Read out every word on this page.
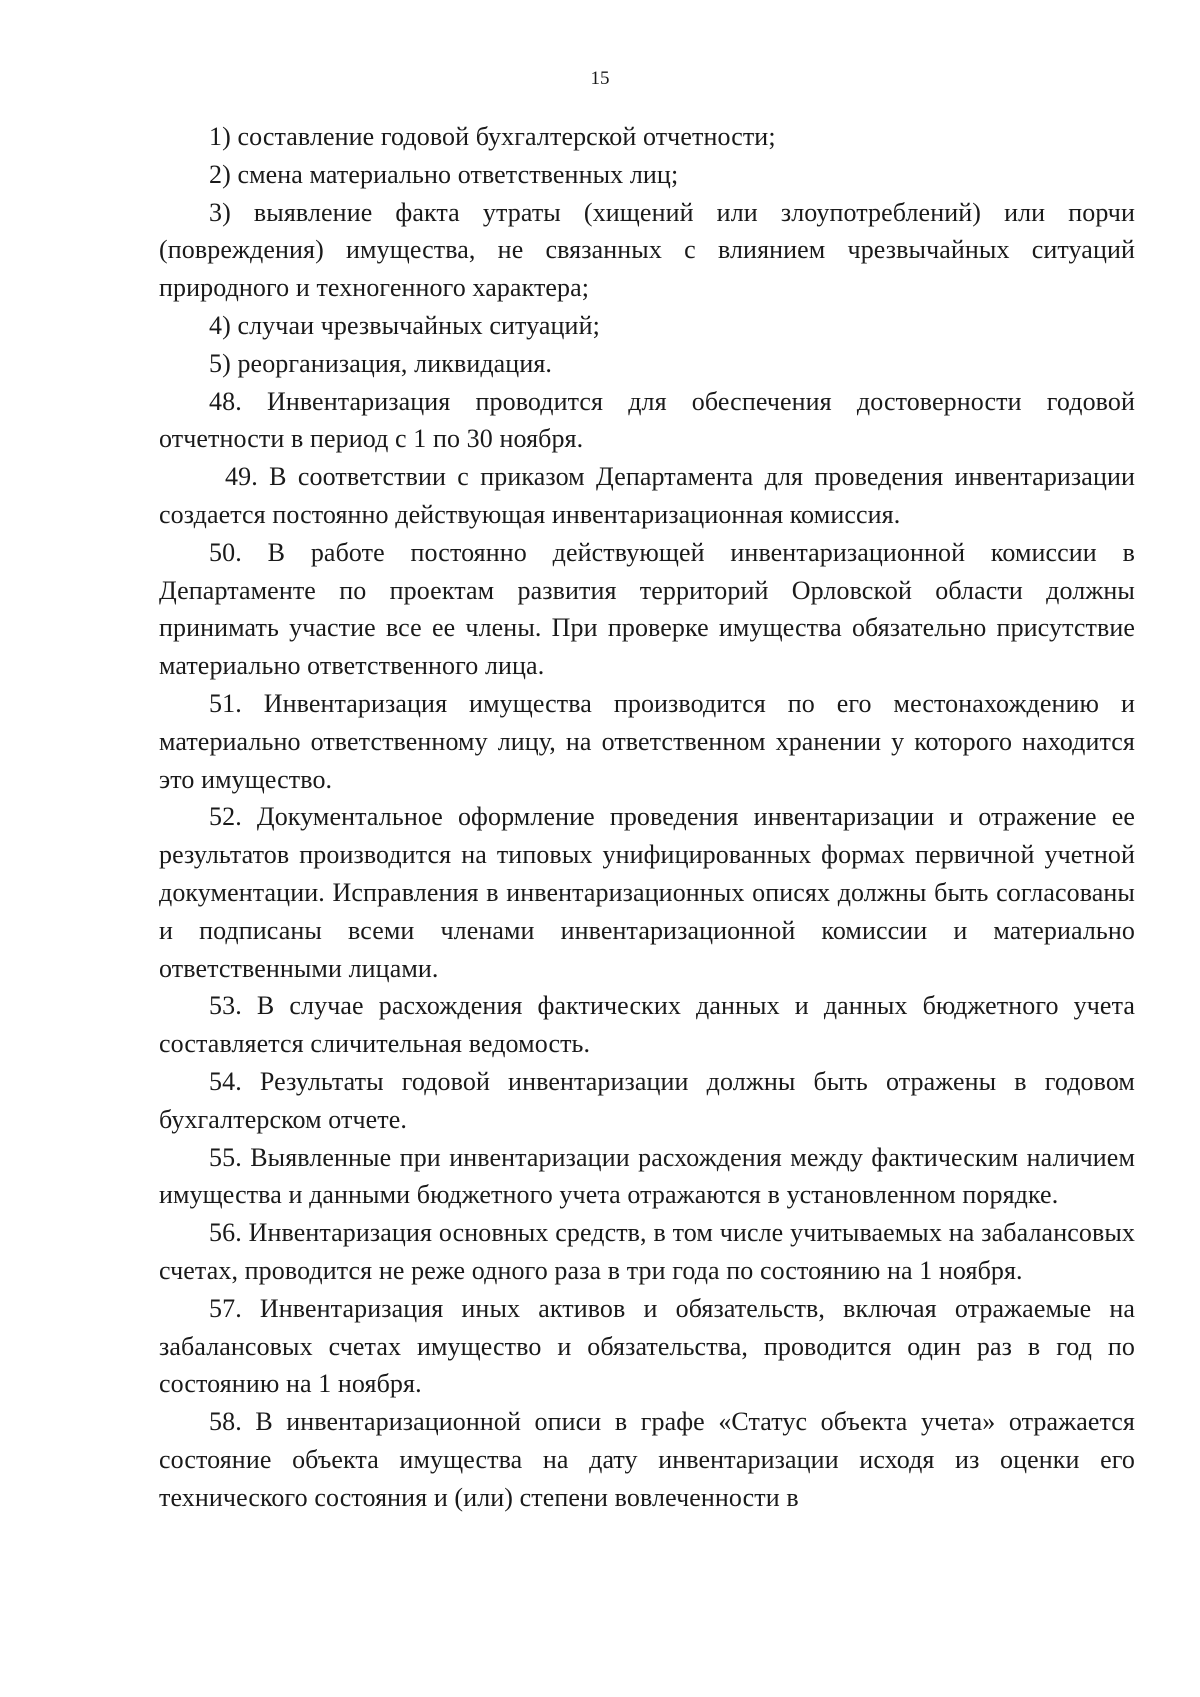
15

1) составление годовой бухгалтерской отчетности;

2) смена материально ответственных лиц;

3) выявление факта утраты (хищений или злоупотреблений) или порчи (повреждения) имущества, не связанных с влиянием чрезвычайных ситуаций природного и техногенного характера;

4) случаи чрезвычайных ситуаций;

5) реорганизация, ликвидация.

48. Инвентаризация проводится для обеспечения достоверности годовой отчетности в период с 1 по 30 ноября.

49. В соответствии с приказом Департамента для проведения инвентаризации создается постоянно действующая инвентаризационная комиссия.

50. В работе постоянно действующей инвентаризационной комиссии в Департаменте по проектам развития территорий Орловской области должны принимать участие все ее члены. При проверке имущества обязательно присутствие материально ответственного лица.

51. Инвентаризация имущества производится по его местонахождению и материально ответственному лицу, на ответственном хранении у которого находится это имущество.

52. Документальное оформление проведения инвентаризации и отражение ее результатов производится на типовых унифицированных формах первичной учетной документации. Исправления в инвентаризационных описях должны быть согласованы и подписаны всеми членами инвентаризационной комиссии и материально ответственными лицами.

53. В случае расхождения фактических данных и данных бюджетного учета составляется сличительная ведомость.

54. Результаты годовой инвентаризации должны быть отражены в годовом бухгалтерском отчете.

55. Выявленные при инвентаризации расхождения между фактическим наличием имущества и данными бюджетного учета отражаются в установленном порядке.

56. Инвентаризация основных средств, в том числе учитываемых на забалансовых счетах, проводится не реже одного раза в три года по состоянию на 1 ноября.

57. Инвентаризация иных активов и обязательств, включая отражаемые на забалансовых счетах имущество и обязательства, проводится один раз в год по состоянию на 1 ноября.

58. В инвентаризационной описи в графе «Статус объекта учета» отражается состояние объекта имущества на дату инвентаризации исходя из оценки его технического состояния и (или) степени вовлеченности в
